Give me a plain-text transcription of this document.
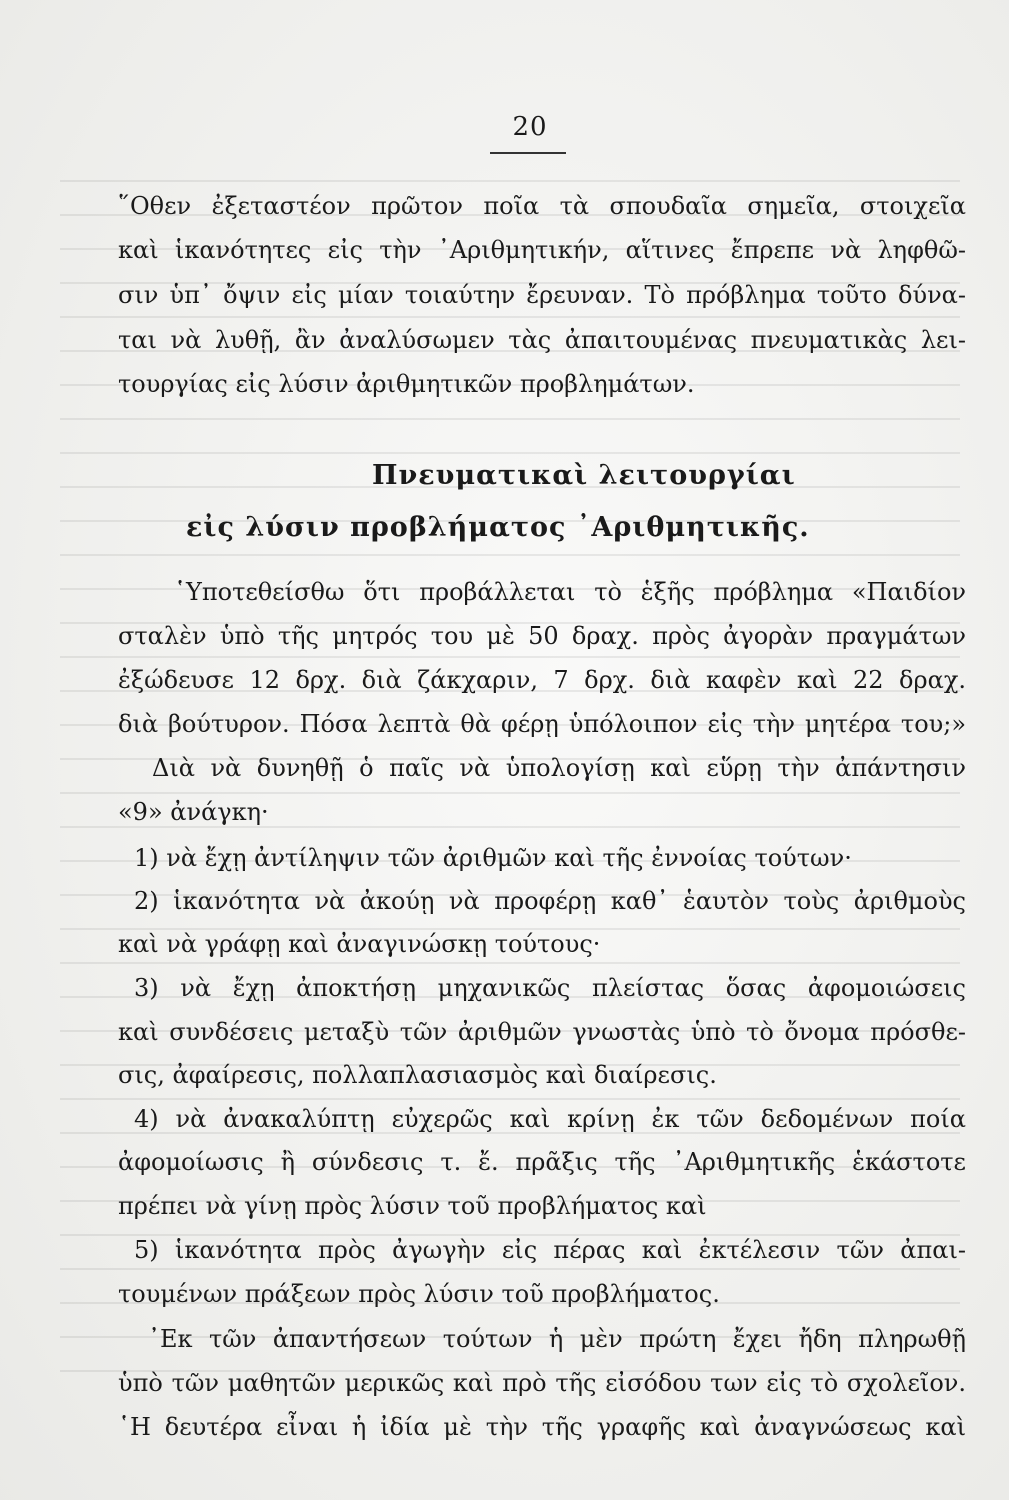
20
῞Οθεν ἐξεταστέον πρῶτον ποῖα τὰ σπουδαῖα σημεῖα, στοιχεῖα
καὶ ἱκανότητες εἰς τὴν ᾿Αριθμητικήν, αἵτινες ἔπρεπε νὰ ληφθῶ-
σιν ὑπ᾿ ὄψιν εἰς μίαν τοιαύτην ἔρευναν. Τὸ πρόβλημα τοῦτο δύνα-
ται νὰ λυθῇ, ἂν ἀναλύσωμεν τὰς ἀπαιτουμένας πνευματικὰς λει-
τουργίας εἰς λύσιν ἀριθμητικῶν προβλημάτων.
Πνευματικαὶ λειτουργίαι
εἰς λύσιν προβλήματος ᾿Αριθμητικῆς.
῾Υποτεθείσθω ὅτι προβάλλεται τὸ ἑξῆς πρόβλημα «Παιδίον
σταλὲν ὑπὸ τῆς μητρός του μὲ 50 δραχ. πρὸς ἀγορὰν πραγμάτων
ἐξώδευσε 12 δρχ. διὰ ζάκχαριν, 7 δρχ. διὰ καφὲν καὶ 22 δραχ.
διὰ βούτυρον. Πόσα λεπτὰ θὰ φέρῃ ὑπόλοιπον εἰς τὴν μητέρα του;»
Διὰ νὰ δυνηθῇ ὁ παῖς νὰ ὑπολογίσῃ καὶ εὕρῃ τὴν ἀπάντησιν
«9» ἀνάγκη·
1) νὰ ἔχῃ ἀντίληψιν τῶν ἀριθμῶν καὶ τῆς ἐννοίας τούτων·
2) ἱκανότητα νὰ ἀκούῃ νὰ προφέρῃ καθ᾿ ἑαυτὸν τοὺς ἀριθμοὺς
καὶ νὰ γράφῃ καὶ ἀναγινώσκῃ τούτους·
3) νὰ ἔχῃ ἀποκτήσῃ μηχανικῶς πλείστας ὅσας ἀφομοιώσεις
καὶ συνδέσεις μεταξὺ τῶν ἀριθμῶν γνωστὰς ὑπὸ τὸ ὄνομα πρόσθε-
σις, ἀφαίρεσις, πολλαπλασιασμὸς καὶ διαίρεσις.
4) νὰ ἀνακαλύπτῃ εὐχερῶς καὶ κρίνῃ ἐκ τῶν δεδομένων ποία
ἀφομοίωσις ἢ σύνδεσις τ. ἔ. πρᾶξις τῆς ᾿Αριθμητικῆς ἑκάστοτε
πρέπει νὰ γίνῃ πρὸς λύσιν τοῦ προβλήματος καὶ
5) ἱκανότητα πρὸς ἀγωγὴν εἰς πέρας καὶ ἐκτέλεσιν τῶν ἀπαι-
τουμένων πράξεων πρὸς λύσιν τοῦ προβλήματος.
᾿Εκ τῶν ἀπαντήσεων τούτων ἡ μὲν πρώτη ἔχει ἤδη πληρωθῇ
ὑπὸ τῶν μαθητῶν μερικῶς καὶ πρὸ τῆς εἰσόδου των εἰς τὸ σχολεῖον.
῾Η δευτέρα εἶναι ἡ ἰδία μὲ τὴν τῆς γραφῆς καὶ ἀναγνώσεως καὶ
